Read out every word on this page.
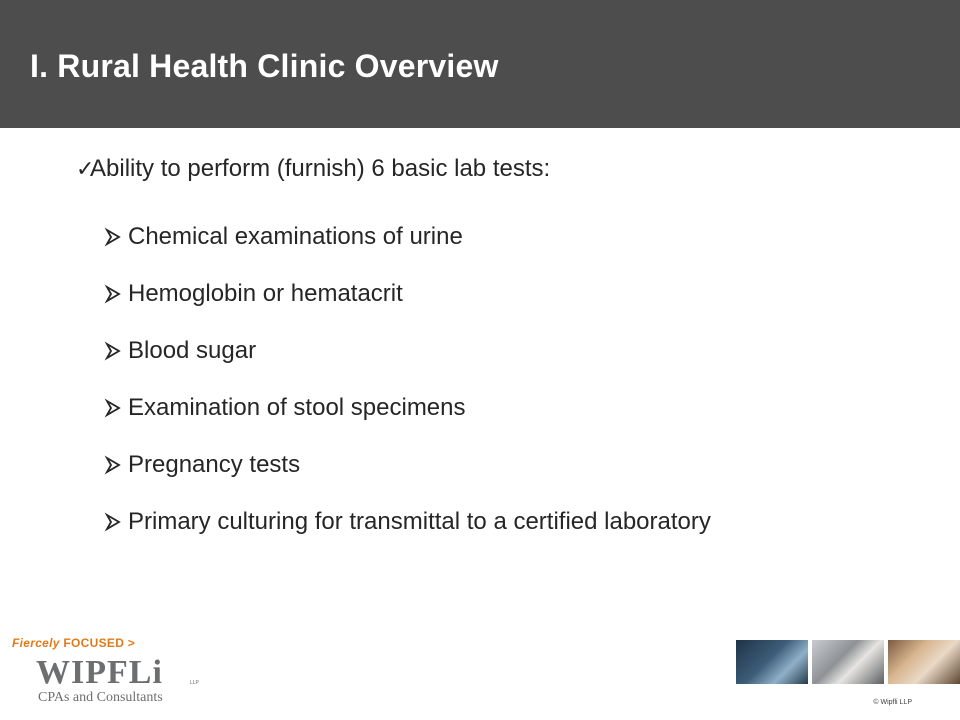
I. Rural Health Clinic Overview
✓Ability to perform (furnish) 6 basic lab tests:
Chemical examinations of urine
Hemoglobin or hematacrit
Blood sugar
Examination of stool specimens
Pregnancy tests
Primary culturing for transmittal to a certified laboratory
Fiercely FOCUSED >
WIPFLi	LLP
CPAs and Consultants	© Wipfli LLP
